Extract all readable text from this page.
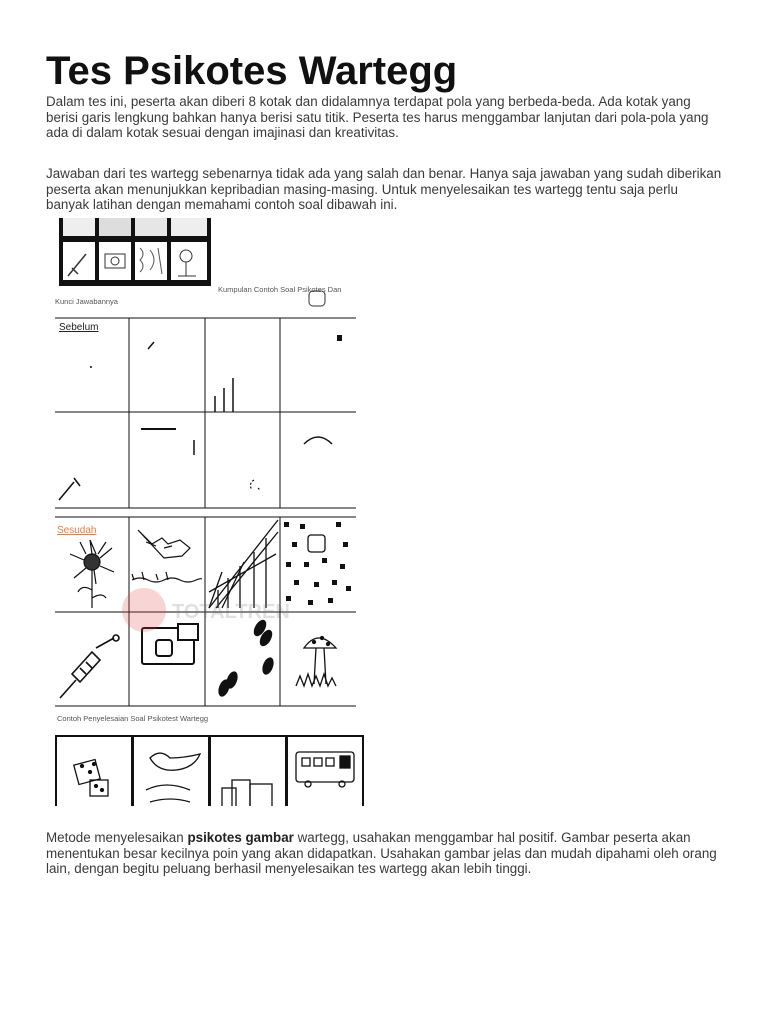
Tes Psikotes Wartegg

Dalam tes ini, peserta akan diberi 8 kotak dan didalamnya terdapat pola yang berbeda-beda. Ada kotak yang berisi garis lengkung bahkan hanya berisi satu titik. Peserta tes harus menggambar lanjutan dari pola-pola yang ada di dalam kotak sesuai dengan imajinasi dan kreativitas.

Jawaban dari tes wartegg sebenarnya tidak ada yang salah dan benar. Hanya saja jawaban yang sudah diberikan peserta akan menunjukkan kepribadian masing-masing. Untuk menyelesaikan tes wartegg tentu saja perlu banyak latihan dengan memahami contoh soal dibawah ini.

Kumpulan Contoh Soal Psikotes Dan
Kunci Jawabannya
Sebelum
Sesudah
TOTALTREN
Contoh Penyelesaian Soal Psikotest Wartegg

Metode menyelesaikan psikotes gambar wartegg, usahakan menggambar hal positif. Gambar peserta akan menentukan besar kecilnya poin yang akan didapatkan. Usahakan gambar jelas dan mudah dipahami oleh orang lain, dengan begitu peluang berhasil menyelesaikan tes wartegg akan lebih tinggi.
